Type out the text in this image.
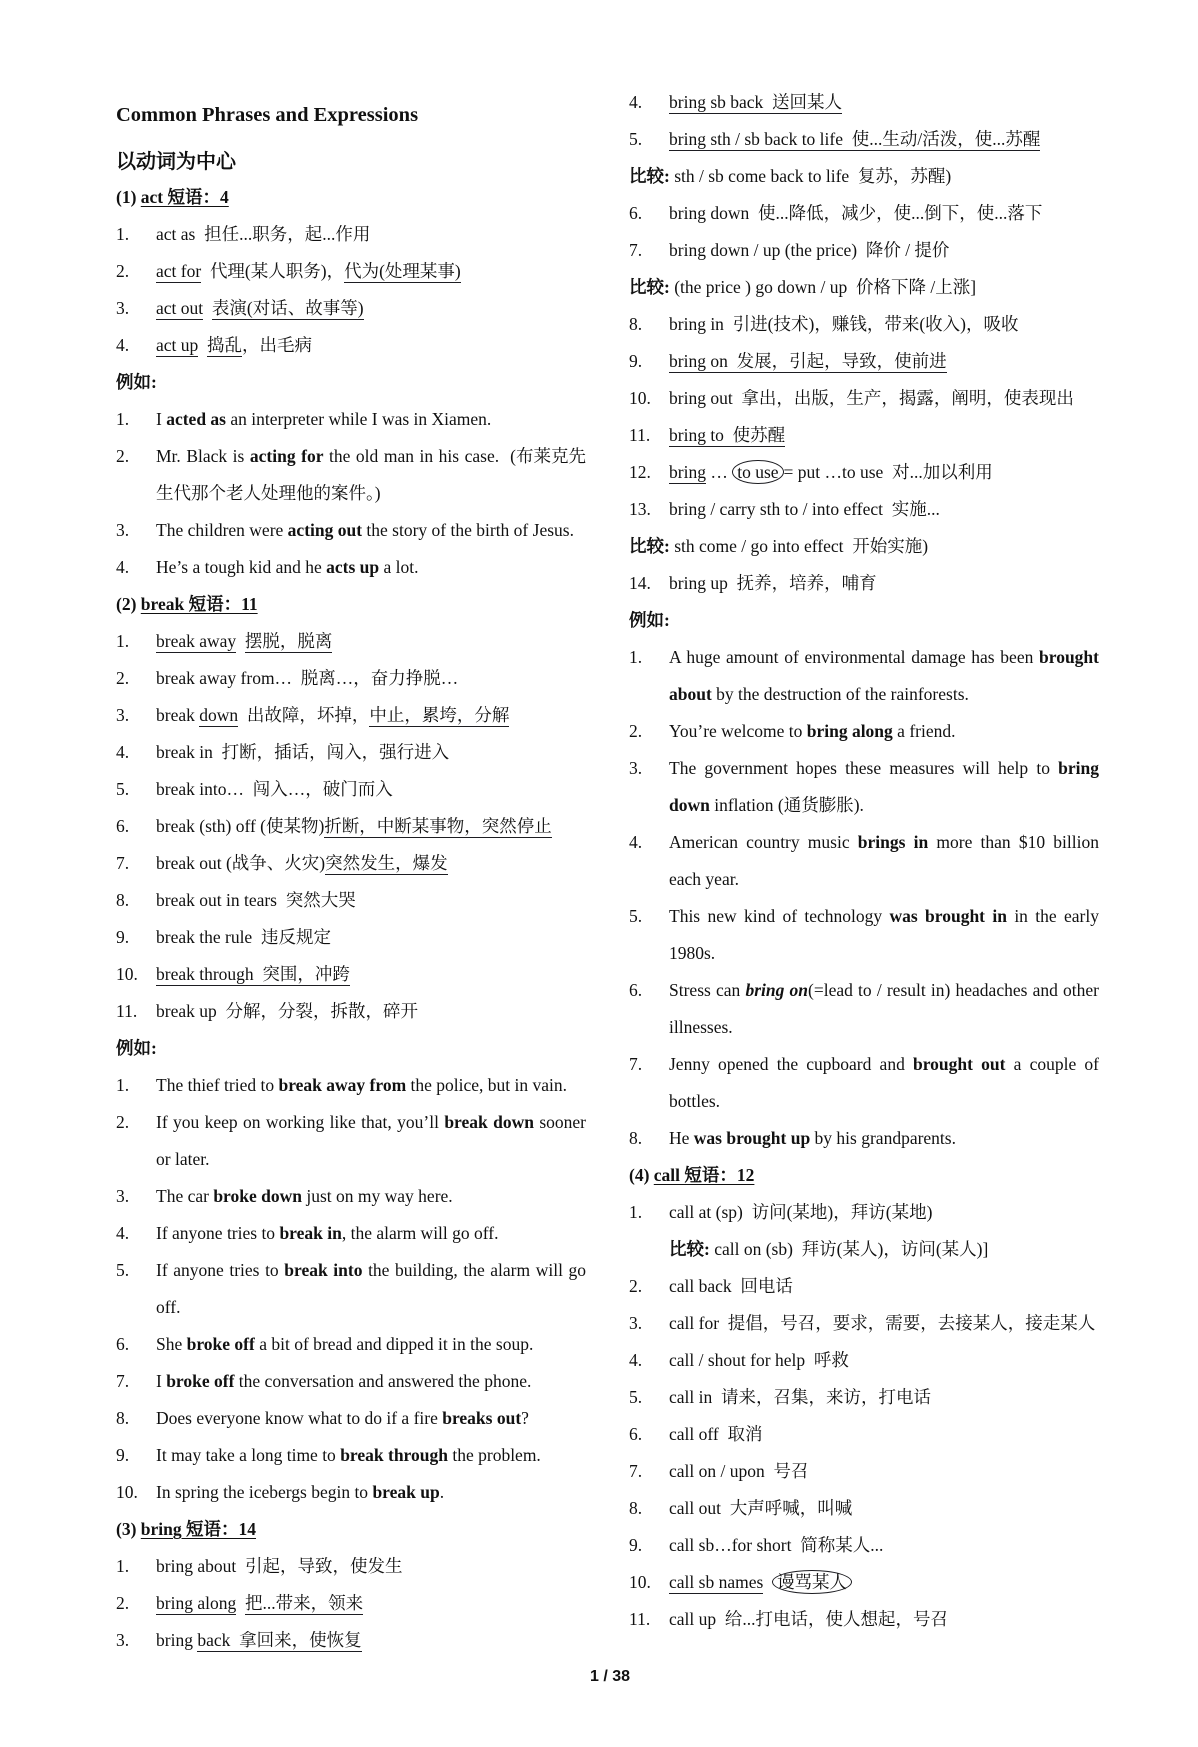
Common Phrases and Expressions
以动词为中心
(1) act 短语：4
1. act as  担任...职务，起...作用
2. act for  代理(某人职务)，代为(处理某事)
3. act out 表演(对话、故事等)
4. act up 捣乱，出毛病
例如:
1. I acted as an interpreter while I was in Xiamen.
2. Mr. Black is acting for the old man in his case.  (布莱克先
生代那个老人处理他的案件。)
3. The children were acting out the story of the birth of Jesus.
4. He’s a tough kid and he acts up a lot.
(2) break 短语：11
1. break away 摆脱，脱离
2. break away from…  脱离…，奋力挣脱…
3. break down  出故障，坏掉，中止，累垮，分解
4. break in  打断，插话，闯入，强行进入
5. break into…  闯入…，破门而入
6. break (sth) off (使某物)折断，中断某事物，突然停止
7. break out (战争、火灾)突然发生，爆发
8. break out in tears  突然大哭
9. break the rule  违反规定
10. break through  突围，冲跨
11. break up  分解，分裂，拆散，碎开
例如:
1. The thief tried to break away from the police, but in vain.
2. If you keep on working like that, you’ll break down sooner
or later.
3. The car broke down just on my way here.
4. If anyone tries to break in, the alarm will go off.
5. If anyone tries to break into the building, the alarm will go
off.
6. She broke off a bit of bread and dipped it in the soup.
7. I broke off the conversation and answered the phone.
8. Does everyone know what to do if a fire breaks out?
9. It may take a long time to break through the problem.
10. In spring the icebergs begin to break up.
(3) bring 短语：14
1. bring about  引起，导致，使发生
2. bring along 把...带来，领来
3. bring back  拿回来，使恢复
4. bring sb back  送回某人
5. bring sth / sb back to life  使...生动/活泼，使...苏醒
比较: sth / sb come back to life  复苏，苏醒)
6. bring down  使...降低，减少，使...倒下，使...落下
7. bring down / up (the price)  降价 / 提价
比较: (the price ) go down / up  价格下降 /上涨]
8. bring in  引进(技术)，赚钱，带来(收入)，吸收
9. bring on  发展，引起，导致，使前进
10. bring out  拿出，出版，生产，揭露，阐明，使表现出
11. bring to  使苏醒
12. bring … to use = put …to use  对...加以利用
13. bring / carry sth to / into effect  实施...
比较: sth come / go into effect  开始实施)
14. bring up  抚养，培养，哺育
例如:
1. A huge amount of environmental damage has been brought
about by the destruction of the rainforests.
2. You’re welcome to bring along a friend.
3. The government hopes these measures will help to bring
down inflation (通货膨胀).
4. American country music brings in more than $10 billion
each year.
5. This new kind of technology was brought in in the early
1980s.
6. Stress can bring on(=lead to / result in) headaches and other
illnesses.
7. Jenny opened the cupboard and brought out a couple of
bottles.
8. He was brought up by his grandparents.
(4) call 短语：12
1. call at (sp)  访问(某地)，拜访(某地)
比较: call on (sb)  拜访(某人)，访问(某人)]
2. call back  回电话
3. call for  提倡，号召，要求，需要，去接某人，接走某人
4. call / shout for help  呼救
5. call in  请来，召集，来访，打电话
6. call off  取消
7. call on / upon  号召
8. call out  大声呼喊，叫喊
9. call sb…for short  简称某人...
10. call sb names 谩骂某人
11. call up  给...打电话，使人想起，号召
1 / 38
